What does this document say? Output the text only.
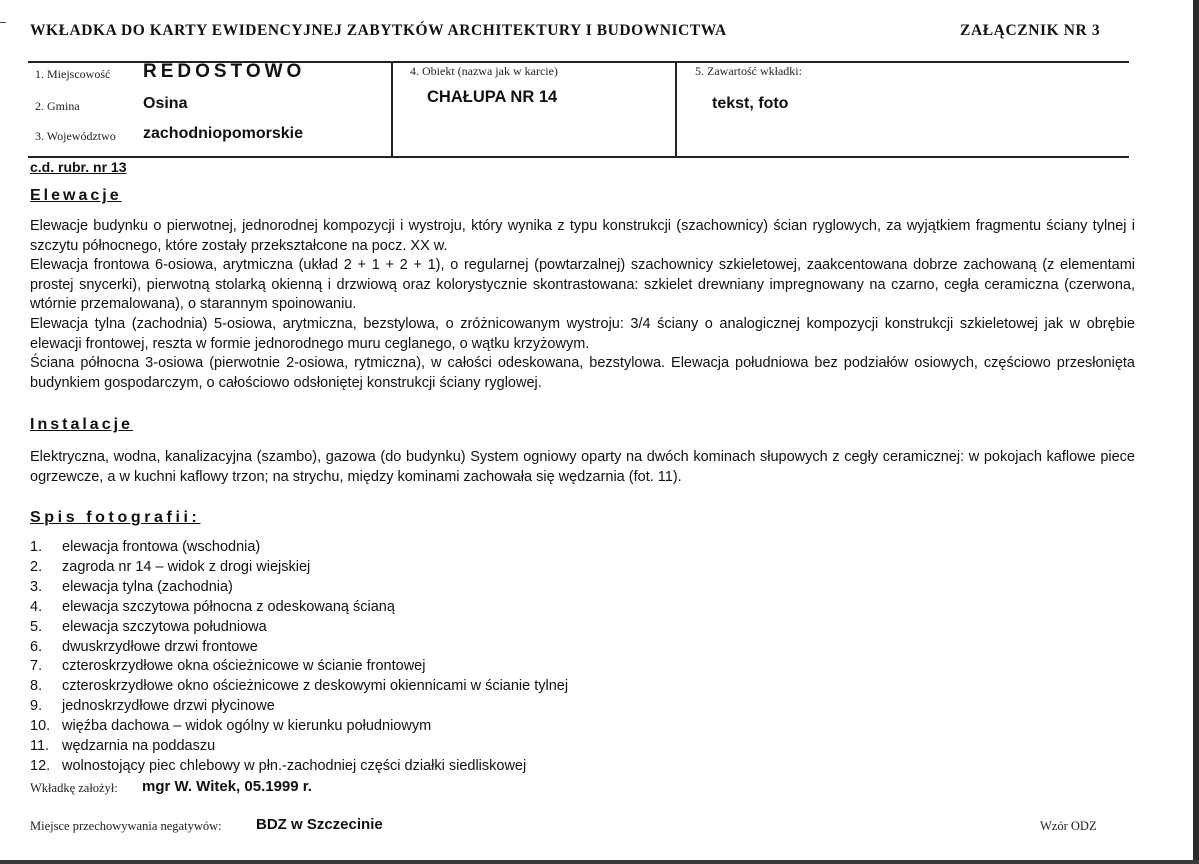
WKŁADKA DO KARTY EWIDENCYJNEJ ZABYTKÓW ARCHITEKTURY I BUDOWNICTWA	ZAŁĄCZNIK NR 3
1. Miejscowość REDOSTOWO
2. Gmina	Osina
3. Województwo zachodniopomorskie
4. Obiekt (nazwa jak w karcie)
CHAŁUPA NR 14
5. Zawartość wkładki:
tekst, foto
c.d. rubr. nr 13
Elewacje

Elewacje budynku o pierwotnej, jednorodnej kompozycji i wystroju, który wynika z typu konstrukcji (szachownicy) ścian ryglowych, za wyjątkiem fragmentu ściany tylnej i szczytu północnego, które zostały przekształcone na pocz. XX w.

Elewacja frontowa 6-osiowa, arytmiczna (układ 2 + 1 + 2 + 1), o regularnej (powtarzalnej) szachownicy szkieletowej, zaakcentowana dobrze zachowaną (z elementami prostej snycerki), pierwotną stolarką okienną i drzwiową oraz kolorystycznie skontrastowana: szkielet drewniany impregnowany na czarno, cegła ceramiczna (czerwona, wtórnie przemalowana), o starannym spoinowaniu.

Elewacja tylna (zachodnia) 5-osiowa, arytmiczna, bezstylowa, o zróżnicowanym wystroju: 3/4 ściany o analogicznej kompozycji konstrukcji szkieletowej jak w obrębie elewacji frontowej, reszta w formie jednorodnego muru ceglanego, o wątku krzyżowym.

Ściana północna 3-osiowa (pierwotnie 2-osiowa, rytmiczna), w całości odeskowana, bezstylowa. Elewacja południowa bez podziałów osiowych, częściowo przesłonięta budynkiem gospodarczym, o całościowo odsłoniętej konstrukcji ściany ryglowej.

Instalacje

Elektryczna, wodna, kanalizacyjna (szambo), gazowa (do budynku) System ogniowy oparty na dwóch kominach słupowych z cegły ceramicznej: w pokojach kaflowe piece ogrzewcze, a w kuchni kaflowy trzon; na strychu, między kominami zachowała się wędzarnia (fot. 11).

Spis fotografii:
1.	elewacja frontowa (wschodnia)
2.	zagroda nr 14 – widok z drogi wiejskiej
3.	elewacja tylna (zachodnia)
4.	elewacja szczytowa północna z odeskowaną ścianą
5.	elewacja szczytowa południowa
6.	dwuskrzydłowe drzwi frontowe
7.	czteroskrzydłowe okna ościeżnicowe w ścianie frontowej
8.	czteroskrzydłowe okno ościeżnicowe z deskowymi okiennicami w ścianie tylnej
9.	jednoskrzydłowe drzwi płycinowe
10. więźba dachowa – widok ogólny w kierunku południowym
11. wędzarnia na poddaszu
12. wolnostojący piec chlebowy w płn.-zachodniej części działki siedliskowej
Wkładkę założył: mgr W. Witek, 05.1999 r.
Miejsce przechowywania negatywów: BDZ w Szczecinie	Wzór ODZ
